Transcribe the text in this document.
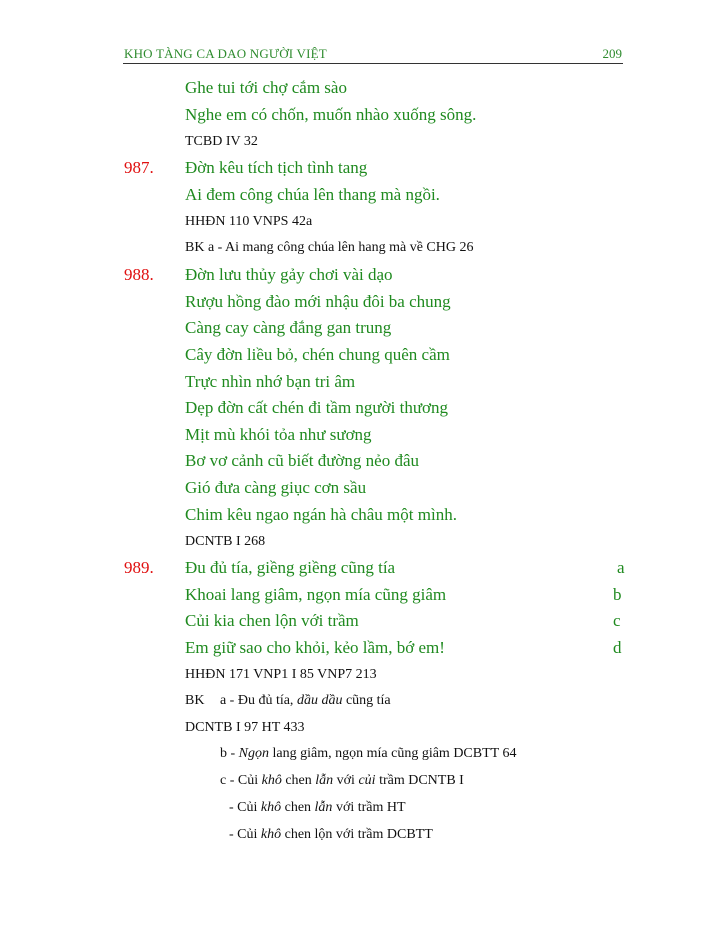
KHO TÀNG CA DAO NGƯỜI VIỆT	209
Ghe tui tới chợ cắm sào
Nghe em có chốn, muốn nhào xuống sông.
TCBD IV 32
987. Đờn kêu tích tịch tình tang
Ai đem công chúa lên thang mà ngồi.
HHĐN 110 VNPS 42a
BK a - Ai mang công chúa lên hang mà về CHG 26
988. Đờn lưu thủy gảy chơi vài dạo
Rượu hồng đào mới nhậu đôi ba chung
Càng cay càng đắng gan trung
Cây đờn liều bỏ, chén chung quên cầm
Trực nhìn nhớ bạn tri âm
Dẹp đờn cất chén đi tầm người thương
Mịt mù khói tỏa như sương
Bơ vơ cảnh cũ biết đường nẻo đâu
Gió đưa càng giục cơn sầu
Chim kêu ngao ngán hà châu một mình.
DCNTB I 268
989. Đu đủ tía, giềng giềng cũng tía	a
Khoai lang giâm, ngọn mía cũng giâm	b
Củi kia chen lộn với trầm	c
Em giữ sao cho khỏi, kẻo lầm, bớ em!	d
HHĐN 171 VNP1 I 85 VNP7 213
BK a - Đu đủ tía, dầu dầu cũng tía
DCNTB I 97 HT 433
b - Ngọn lang giâm, ngọn mía cũng giâm DCBTT 64
c - Củi khô chen lẫn với củi trầm DCNTB I
- Củi khô chen lẫn với trầm HT
- Củi khô chen lộn với trầm DCBTT
